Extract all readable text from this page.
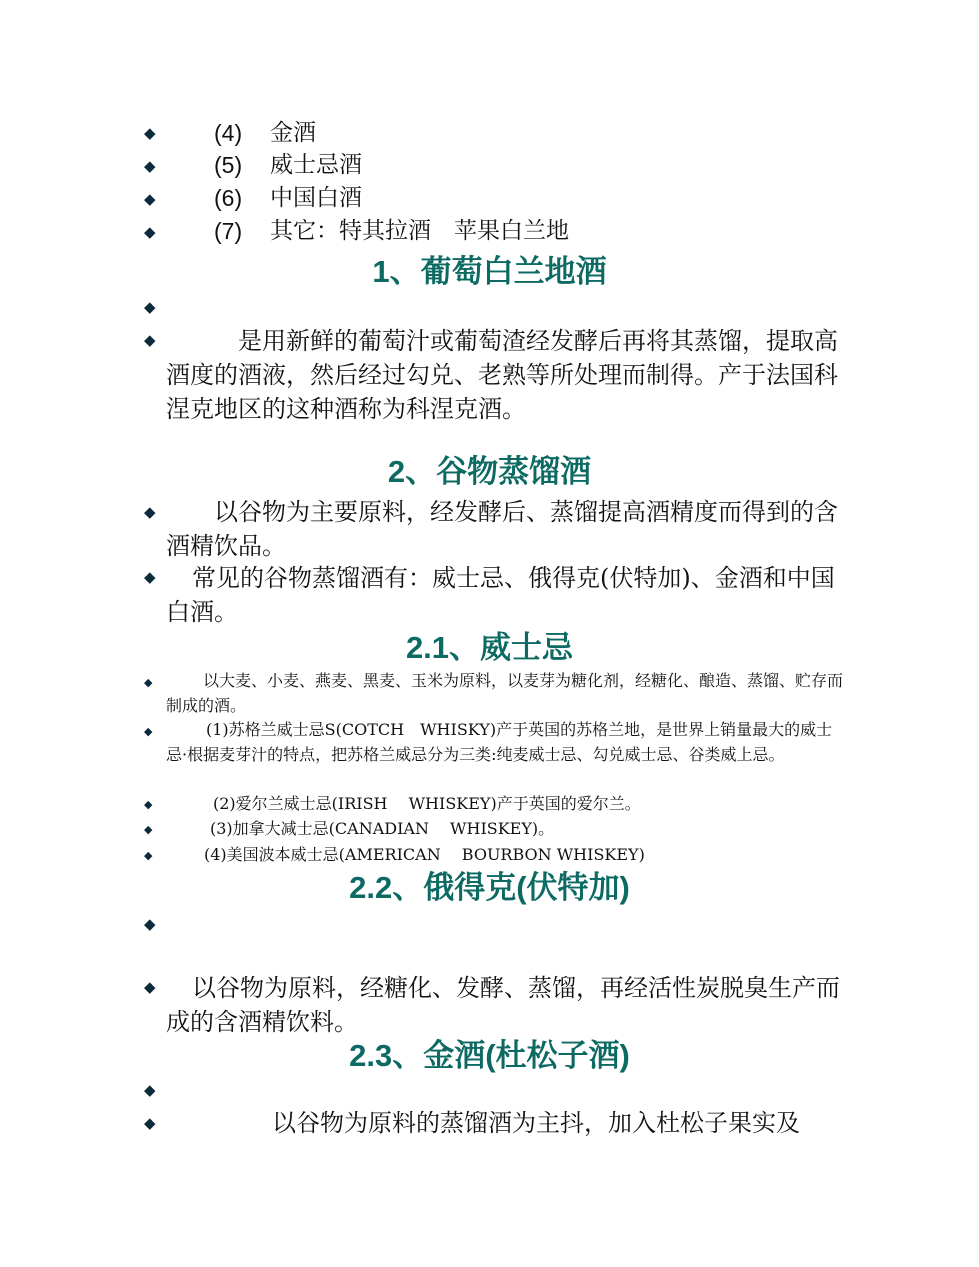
◆	(4) 金酒
◆	(5) 威士忌酒
◆	(6) 中国白酒
◆	(7) 其它：特其拉酒　苹果白兰地
1、葡萄白兰地酒
◆
◆ 　　　是用新鲜的葡萄汁或葡萄渣经发酵后再将其蒸馏，提取高酒度的酒液，然后经过勾兑、老熟等所处理而制得。产于法国科涅克地区的这种酒称为科涅克酒。
2、谷物蒸馏酒
◆ 　　以谷物为主要原料，经发酵后、蒸馏提高酒精度而得到的含酒精饮品。
◆	常见的谷物蒸馏酒有：威士忌、俄得克(伏特加)、金酒和中国白酒。
2.1、威士忌
◆	以大麦、小麦、燕麦、黑麦、玉米为原料，以麦芽为糖化剂，经糖化、酿造、蒸馏、贮存而制成的酒。
◆	(1)苏格兰威士忌S(COTCH　WHISKY)产于英国的苏格兰地，是世界上销量最大的威士忌·根据麦芽汁的特点，把苏格兰威忌分为三类:纯麦威士忌、勾兑威士忌、谷类威上忌。
◆	(2)爱尔兰威士忌(IRISH　 WHISKEY)产于英国的爱尔兰。
◆	(3)加拿大减士忌(CANADIAN　 WHISKEY)。
◆	(4)美国波本威士忌(AMERICAN　 BOURBON WHISKEY)
2.2、俄得克(伏特加)
◆
◆	以谷物为原料，经糖化、发酵、蒸馏，再经活性炭脱臭生产而成的含酒精饮料。
2.3、金酒(杜松子酒)
◆
◆	　　　以谷物为原料的蒸馏酒为主抖，加入杜松子果实及
